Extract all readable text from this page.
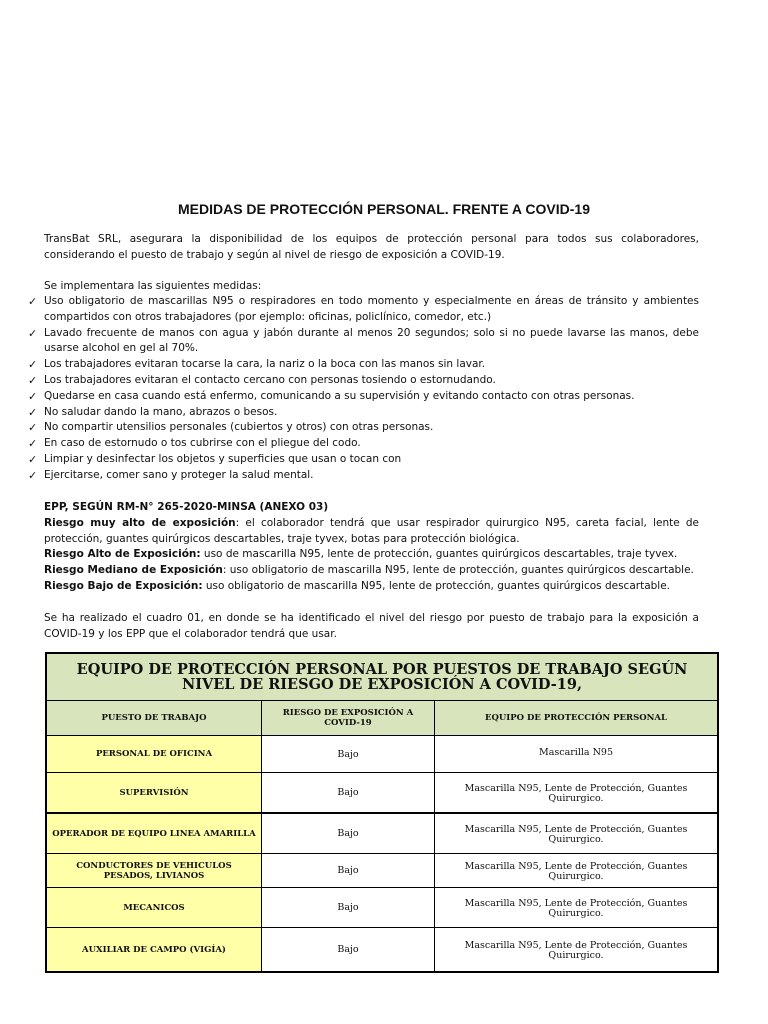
MEDIDAS DE PROTECCIÓN PERSONAL. FRENTE A COVID-19
TransBat SRL, asegurara la disponibilidad de los equipos de protección personal para todos sus colaboradores, considerando el puesto de trabajo y según al nivel de riesgo de exposición a COVID-19.
Se implementara las siguientes medidas:
✓ Uso obligatorio de mascarillas N95 o respiradores en todo momento y especialmente en áreas de tránsito y ambientes compartidos con otros trabajadores (por ejemplo: oficinas, policlínico, comedor, etc.)
✓ Lavado frecuente de manos con agua y jabón durante al menos 20 segundos; solo si no puede lavarse las manos, debe usarse alcohol en gel al 70%.
✓ Los trabajadores evitaran tocarse la cara, la nariz o la boca con las manos sin lavar.
✓ Los trabajadores evitaran el contacto cercano con personas tosiendo o estornudando.
✓ Quedarse en casa cuando está enfermo, comunicando a su supervisión y evitando contacto con otras personas.
✓ No saludar dando la mano, abrazos o besos.
✓ No compartir utensilios personales (cubiertos y otros) con otras personas.
✓ En caso de estornudo o tos cubrirse con el pliegue del codo.
✓ Limpiar y desinfectar los objetos y superficies que usan o tocan con
✓ Ejercitarse, comer sano y proteger la salud mental.
EPP, SEGÚN RM-N° 265-2020-MINSA (ANEXO 03)
Riesgo muy alto de exposición: el colaborador tendrá que usar respirador quirurgico N95, careta facial, lente de protección, guantes quirúrgicos descartables, traje tyvex, botas para protección biológica.
Riesgo Alto de Exposición: uso de mascarilla N95, lente de protección, guantes quirúrgicos descartables, traje tyvex.
Riesgo Mediano de Exposición: uso obligatorio de mascarilla N95, lente de protección, guantes quirúrgicos descartable.
Riesgo Bajo de Exposición: uso obligatorio de mascarilla N95, lente de protección, guantes quirúrgicos descartable.
Se ha realizado el cuadro 01, en donde se ha identificado el nivel del riesgo por puesto de trabajo para la exposición a COVID-19 y los EPP que el colaborador tendrá que usar.
EQUIPO DE PROTECCIÓN PERSONAL POR PUESTOS DE TRABAJO SEGÚN
NIVEL DE RIESGO DE EXPOSICIÓN A COVID-19,		

PUESTO DE TRABAJO	RIESGO DE EXPOSICIÓN A COVID-19	EQUIPO DE PROTECCIÓN PERSONAL
PERSONAL DE OFICINA	Bajo	Mascarilla N95
SUPERVISIÓN	Bajo	Mascarilla N95, Lente de Protección, Guantes Quirurgico.
OPERADOR DE EQUIPO LINEA AMARILLA	Bajo	Mascarilla N95, Lente de Protección, Guantes Quirurgico.
CONDUCTORES DE VEHICULOS PESADOS, LIVIANOS	Bajo	Mascarilla N95, Lente de Protección, Guantes Quirurgico.
MECANICOS	Bajo	Mascarilla N95, Lente de Protección, Guantes Quirurgico.
AUXILIAR DE CAMPO (VIGÍA)	Bajo	Mascarilla N95, Lente de Protección, Guantes Quirurgico.
